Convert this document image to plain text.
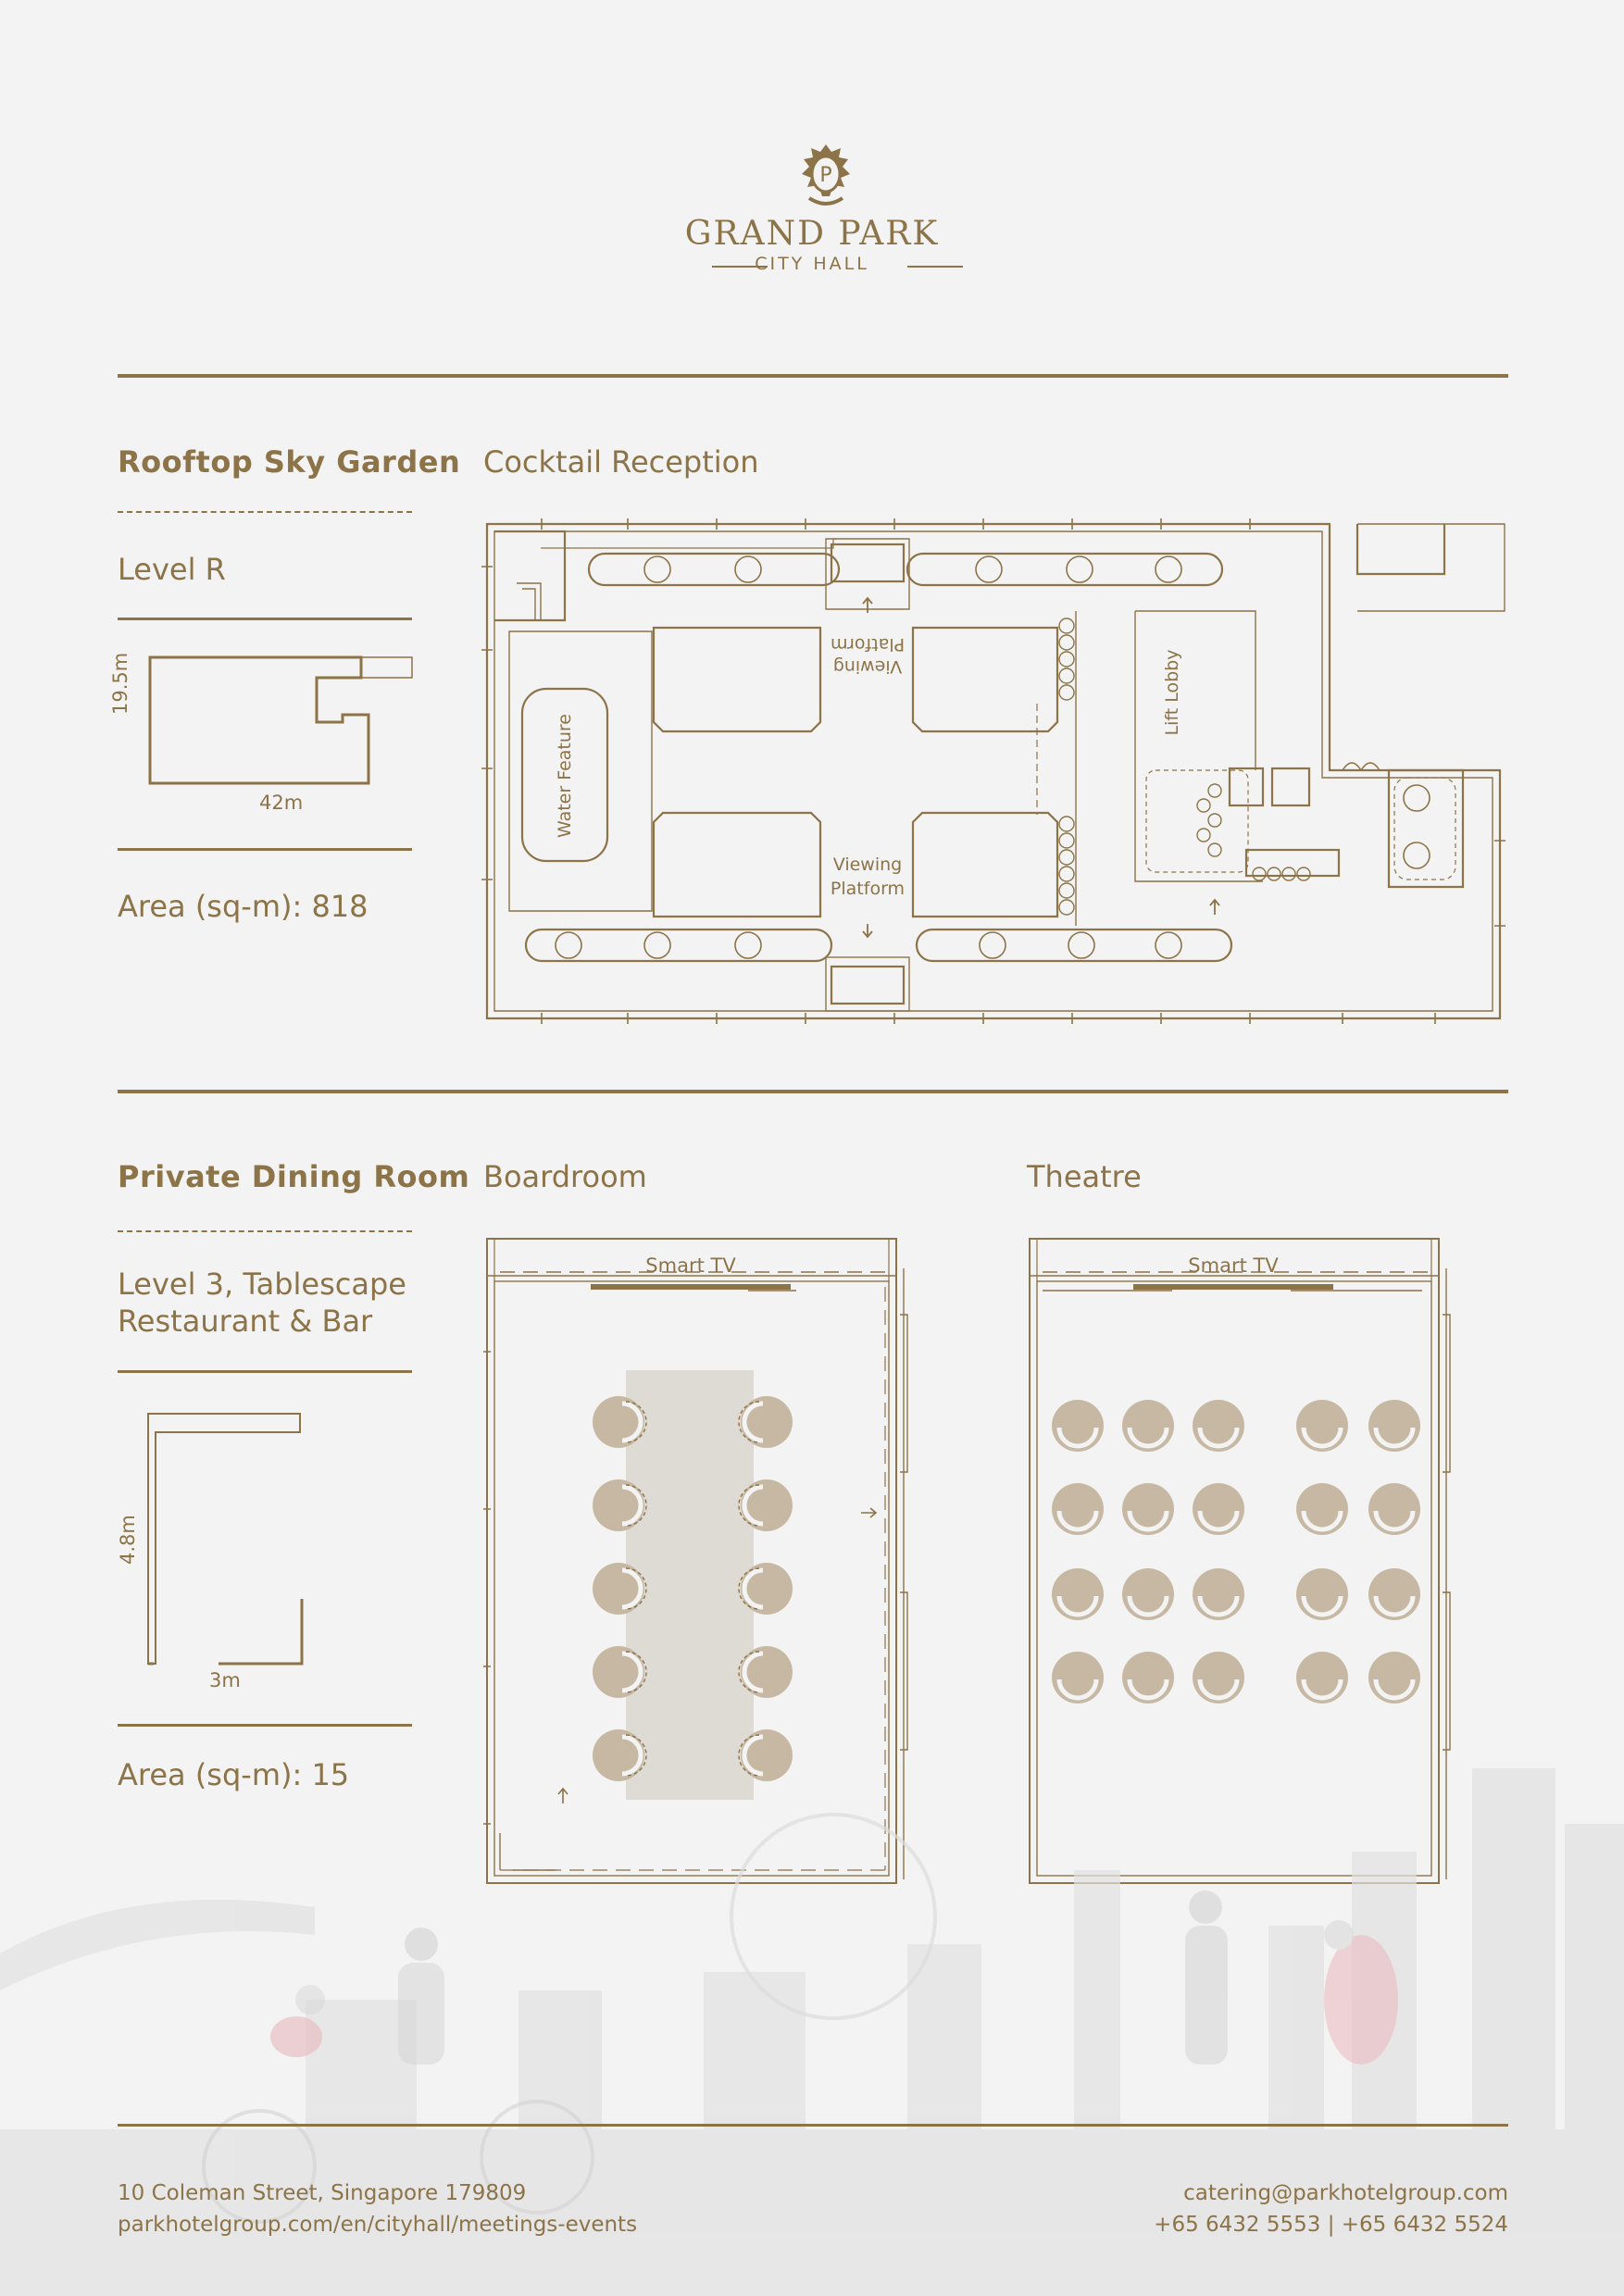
P
GRAND PARK
CITY HALL
Rooftop Sky Garden
Level R
19.5m
42m
Area (sq-m): 818
Cocktail Reception
Water Feature
Viewing
Platform
Viewing
Platform
Lift Lobby
Private Dining Room
Level 3, Tablescape
Restaurant & Bar
4.8m
3m
Area (sq-m): 15
Boardroom	Theatre
Smart TV	Smart TV
10 Coleman Street, Singapore 179809
parkhotelgroup.com/en/cityhall/meetings-events
catering@parkhotelgroup.com
+65 6432 5553 | +65 6432 5524
